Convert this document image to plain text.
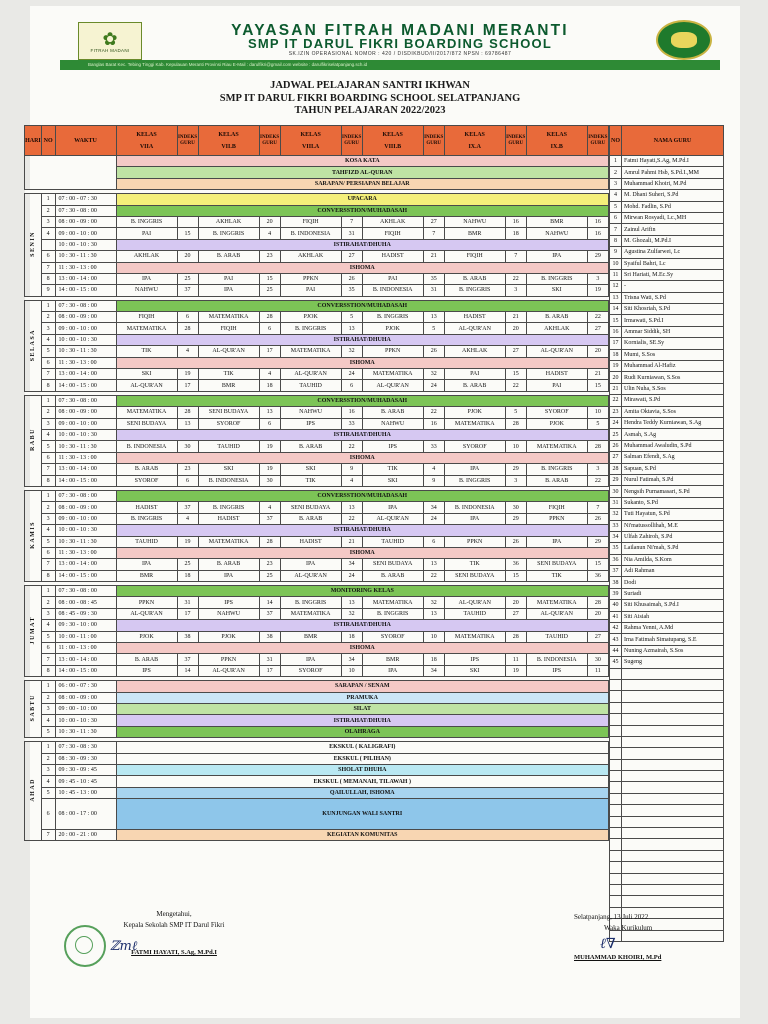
✿
FITRAH MADANI
YAYASAN FITRAH MADANI MERANTI
SMP IT DARUL FIKRI BOARDING SCHOOL
SK.IZIN OPERASIONAL NOMOR : 420 / DISDIKBUD/II/2017/872 NPSN : 69786487
Banglas Barat Kec. Tebing Tinggi Kab. Kepulauan Meranti Provinsi Riau E-Mail : darulfikri@gmail.com website : darulfikriselatpanjang.sch.id
JADWAL PELAJARAN SANTRI IKHWAN
SMP IT DARUL FIKRI BOARDING SCHOOL SELATPANJANG
TAHUN PELAJARAN 2022/2023
HARI	NO	WAKTU	KELAS

VIIA	INDEKS GURU	KELAS

VII.B	INDEKS GURU	KELAS

VIII.A	INDEKS GURU	KELAS

VIII.B	INDEKS GURU	KELAS

IX.A	INDEKS GURU	KELAS

IX.B	INDEKS GURU
			KOSA KATA											
			TAHFIZD AL-QURAN											
			SARAPAN/ PERSIAPAN BELAJAR											

SENIN	1	07 : 00 - 07 : 30	UPACARA											
	2	07 : 30 - 08 : 00	CONVERSSTION/MUHADASAH											
	3	08 : 00 - 09 : 00	B. INGGRIS		AKHLAK	20	FIQIH	7	AKHLAK	27	NAHWU	16	BMR	16
	4	09 : 00 - 10 : 00	PAI	15	B. INGGRIS	4	B. INDONESIA	31	FIQIH	7	BMR	18	NAHWU	16
		10 : 00 - 10 : 30	ISTIRAHAT/DHUHA											
	6	10 : 30 - 11 : 30	AKHLAK	20	B. ARAB	23	AKHLAK	27	HADIST	21	FIQIH	7	IPA	29
	7	11 : 30 - 13 : 00	ISHOMA											
	8	13 : 00 - 14 : 00	IPA	25	PAI	15	PPKN	26	PAI	35	B. ARAB	22	B. INGGRIS	3
	9	14 : 00 - 15 : 00	NAHWU	37	IPA	25	PAI	35	B. INDONESIA	31	B. INGGRIS	3	SKI	19

SELASA	1	07 : 30 - 08 : 00	CONVERSSTION/MUHADASAH											
	2	08 : 00 - 09 : 00	FIQIH	6	MATEMATIKA	28	PJOK	5	B. INGGRIS	13	HADIST	21	B. ARAB	22
	3	09 : 00 - 10 : 00	MATEMATIKA	28	FIQIH	6	B. INGGRIS	13	PJOK	5	AL-QUR'AN	20	AKHLAK	27
	4	10 : 00 - 10 : 30	ISTIRAHAT/DHUHA											
	5	10 : 30 - 11 : 30	TIK	4	AL-QUR'AN	17	MATEMATIKA	32	PPKN	26	AKHLAK	27	AL-QUR'AN	20
	6	11 : 30 - 13 : 00	ISHOMA											
	7	13 : 00 - 14 : 00	SKI	19	TIK	4	AL-QUR'AN	24	MATEMATIKA	32	PAI	15	HADIST	21
	8	14 : 00 - 15 : 00	AL-QUR'AN	17	BMR	18	TAUHID	6	AL-QUR'AN	24	B. ARAB	22	PAI	15

RABU	1	07 : 30 - 08 : 00	CONVERSSTION/MUHADASAH											
	2	08 : 00 - 09 : 00	MATEMATIKA	28	SENI BUDAYA	13	NAHWU	16	B. ARAB	22	PJOK	5	SYOROF	10
	3	09 : 00 - 10 : 00	SENI BUDAYA	13	SYOROF	6	IPS	33	NAHWU	16	MATEMATIKA	28	PJOK	5
	4	10 : 00 - 10 : 30	ISTIRAHAT/DHUHA											
	5	10 : 30 - 11 : 30	B. INDONESIA	30	TAUHID	19	B. ARAB	22	IPS	33	SYOROF	10	MATEMATIKA	28
	6	11 : 30 - 13 : 00	ISHOMA											
	7	13 : 00 - 14 : 00	B. ARAB	23	SKI	19	SKI	9	TIK	4	IPA	29	B. INGGRIS	3
	8	14 : 00 - 15 : 00	SYOROF	6	B. INDONESIA	30	TIK	4	SKI	9	B. INGGRIS	3	B. ARAB	22

KAMIS	1	07 : 30 - 08 : 00	CONVERSSTION/MUHADASAH											
	2	08 : 00 - 09 : 00	HADIST	37	B. INGGRIS	4	SENI BUDAYA	13	IPA	34	B. INDONESIA	30	FIQIH	7
	3	09 : 00 - 10 : 00	B. INGGRIS	4	HADIST	37	B. ARAB	22	AL-QUR'AN	24	IPA	29	PPKN	26
	4	10 : 00 - 10 : 30	ISTIRAHAT/DHUHA											
	5	10 : 30 - 11 : 30	TAUHID	19	MATEMATIKA	28	HADIST	21	TAUHID	6	PPKN	26	IPA	29
	6	11 : 30 - 13 : 00	ISHOMA											
	7	13 : 00 - 14 : 00	IPA	25	B. ARAB	23	IPA	34	SENI BUDAYA	13	TIK	36	SENI BUDAYA	15
	8	14 : 00 - 15 : 00	BMR	18	IPA	25	AL-QUR'AN	24	B. ARAB	22	SENI BUDAYA	15	TIK	36

JUMAT	1	07 : 30 - 08 : 00	MONITORING KELAS											
	2	08 : 00 - 08 : 45	PPKN	31	IPS	14	B. INGGRIS	13	MATEMATIKA	32	AL-QUR'AN	20	MATEMATIKA	28
	3	08 : 45 - 09 : 30	AL-QUR'AN	17	NAHWU	37	MATEMATIKA	32	B. INGGRIS	13	TAUHID	27	AL-QUR'AN	20
	4	09 : 30 - 10 : 00	ISTIRAHAT/DHUHA											
	5	10 : 00 - 11 : 00	PJOK	38	PJOK	38	BMR	18	SYOROF	10	MATEMATIKA	28	TAUHID	27
	6	11 : 00 - 13 : 00	ISHOMA											
	7	13 : 00 - 14 : 00	B. ARAB	37	PPKN	31	IPA	34	BMR	18	IPS	11	B. INDONESIA	30
	8	14 : 00 - 15 : 00	IPS	14	AL-QUR'AN	17	SYOROF	10	IPA	34	SKI	19	IPS	11

SABTU	1	06 : 00 - 07 : 30	SARAPAN / SENAM											
	2	08 : 00 - 09 : 00	PRAMUKA											
	3	09 : 00 - 10 : 00	SILAT											
	4	10 : 00 - 10 : 30	ISTIRAHAT/DHUHA											
	5	10 : 30 - 11 : 30	OLAHRAGA											

AHAD	1	07 : 30 - 08 : 30	EKSKUL ( KALIGRAFI)											
	2	08 : 30 - 09 : 30	EKSKUL ( PILIHAN)											
	3	09 : 30 - 09 : 45	SHOLAT DHUHA											
	4	09 : 45 - 10 : 45	EKSKUL ( MEMANAH, TILAWAH )											
	5	10 : 45 - 13 : 00	QAILULLAH, ISHOMA											
	6	08 : 00 - 17 : 00	KUNJUNGAN WALI SANTRI											
	7	20 : 00 - 21 : 00	KEGIATAN KOMUNITAS											
NO	NAMA GURU
1	Fatmi Hayati,S.Ag, M.Pd.I
2	Amrul Pahmi Hsb, S.Pd.I.,MM
3	Muhammad Khoiri, M.Pd
4	M. Dhani Suheri, S.Pd
5	Mohd. Fadlin, S.Pd
6	Mirwan Rosyadi, Lc.,MH
7	Zainul Arifin
8	M. Ghozali, M.Pd.I
9	Agustina Zulfarwei, Lc
10	Syaiful Bahri, Lc
11	Sri Hariati, M.Ec.Sy
12	-
13	Trisna Wati, S.Pd
14	Siti Khosriah, S.Pd
15	Irmawati, S.Pd.I
16	Ammar Siddik, SH
17	Kornialis, SE.Sy
18	Mumi, S.Sos
19	Muhammad Al-Hafiz
20	Rudi Kurniawan, S.Sos
21	Ulin Nuha, S.Sos
22	Mirawati, S.Pd
23	Amita Oktavia, S.Sos
24	Hendra Teddy Kurniawan, S.Ag
25	Asmah, S.Ag
26	Muhammad Awaludin, S.Pd
27	Salman Efendi, S.Ag
28	Sapuan, S.Pd
29	Nurul Fatimah, S.Pd
30	Nengsih Purnamasari, S.Pd
31	Sukanto, S.Pd
32	Tuti Hayatun, S.Pd
33	Ni'matussollihah, M.E
34	Ulfah Zahiroh, S.Pd
35	Lailanun Ni'mah, S.Pd
36	Nia Amilda, S.Kom
37	Adi Rahman
38	Dodi
39	Suriadi
40	Siti Khusaimah, S.Pd.I
41	Siti Aisiah
42	Rahma Yenni, A.Md
43	Irna Fatimah Simatupang, S.E
44	Nuning Azmairah, S.Sos
45	Sugeng

Mengetahui,
Kepala Sekolah SMP IT Darul Fikri
FATMI HAYATI, S.Ag, M.Pd.I
ℤmℓ
Selatpanjang, 13 Juli 2022
Waka Kurikulum
MUHAMMAD KHOIRI, M.Pd
ℓ∇
